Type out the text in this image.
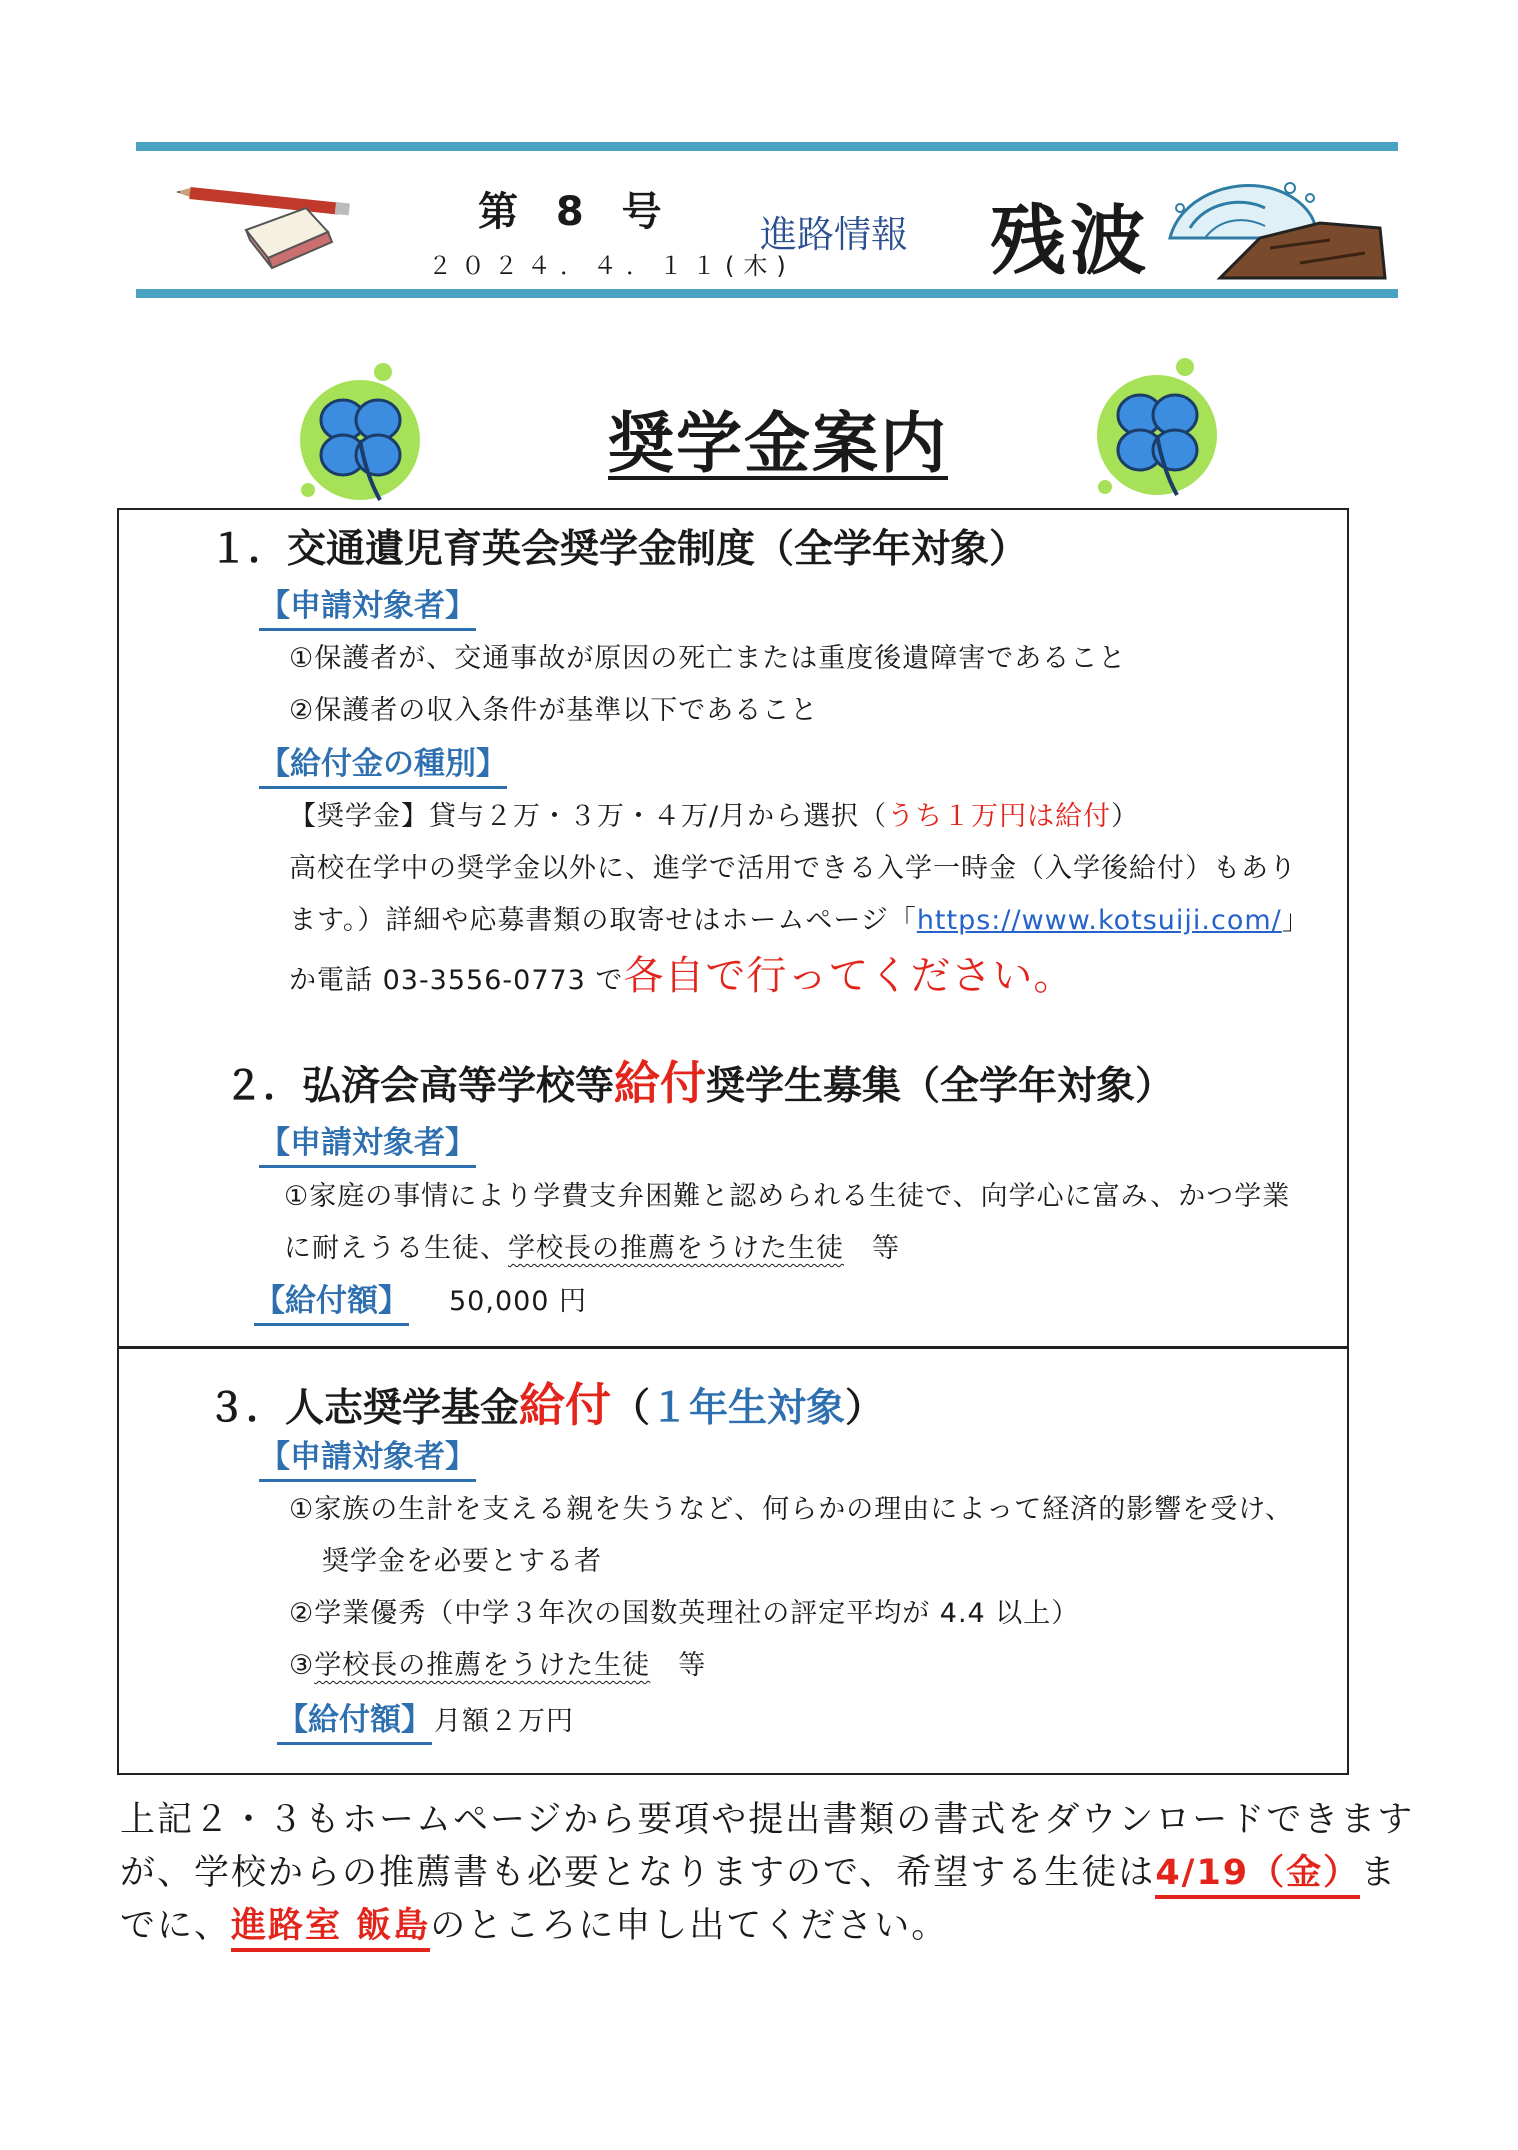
第 8 号
２０２４．４．１１(木)
進路情報 残波
奨学金案内
１．交通遺児育英会奨学金制度（全学年対象）
【申請対象者】
①保護者が、交通事故が原因の死亡または重度後遺障害であること
②保護者の収入条件が基準以下であること
【給付金の種別】
【奨学金】貸与２万・３万・４万/月から選択（うち１万円は給付）
高校在学中の奨学金以外に、進学で活用できる入学一時金（入学後給付）もあり
ます。）詳細や応募書類の取寄せはホームページ「https://www.kotsuiji.com/」
か電話 03-3556-0773 で各自で行ってください。
２．弘済会高等学校等給付奨学生募集（全学年対象）
【申請対象者】
①家庭の事情により学費支弁困難と認められる生徒で、向学心に富み、かつ学業
に耐えうる生徒、学校長の推薦をうけた生徒　等
【給付額】 50,000 円
３．人志奨学基金給付（１年生対象）
【申請対象者】
①家族の生計を支える親を失うなど、何らかの理由によって経済的影響を受け、
奨学金を必要とする者
②学業優秀（中学３年次の国数英理社の評定平均が 4.4 以上）
③学校長の推薦をうけた生徒　等
【給付額】 月額２万円
上記２・３もホームページから要項や提出書類の書式をダウンロードできます
が、学校からの推薦書も必要となりますので、希望する生徒は4/19（金）ま
でに、進路室 飯島のところに申し出てください。
